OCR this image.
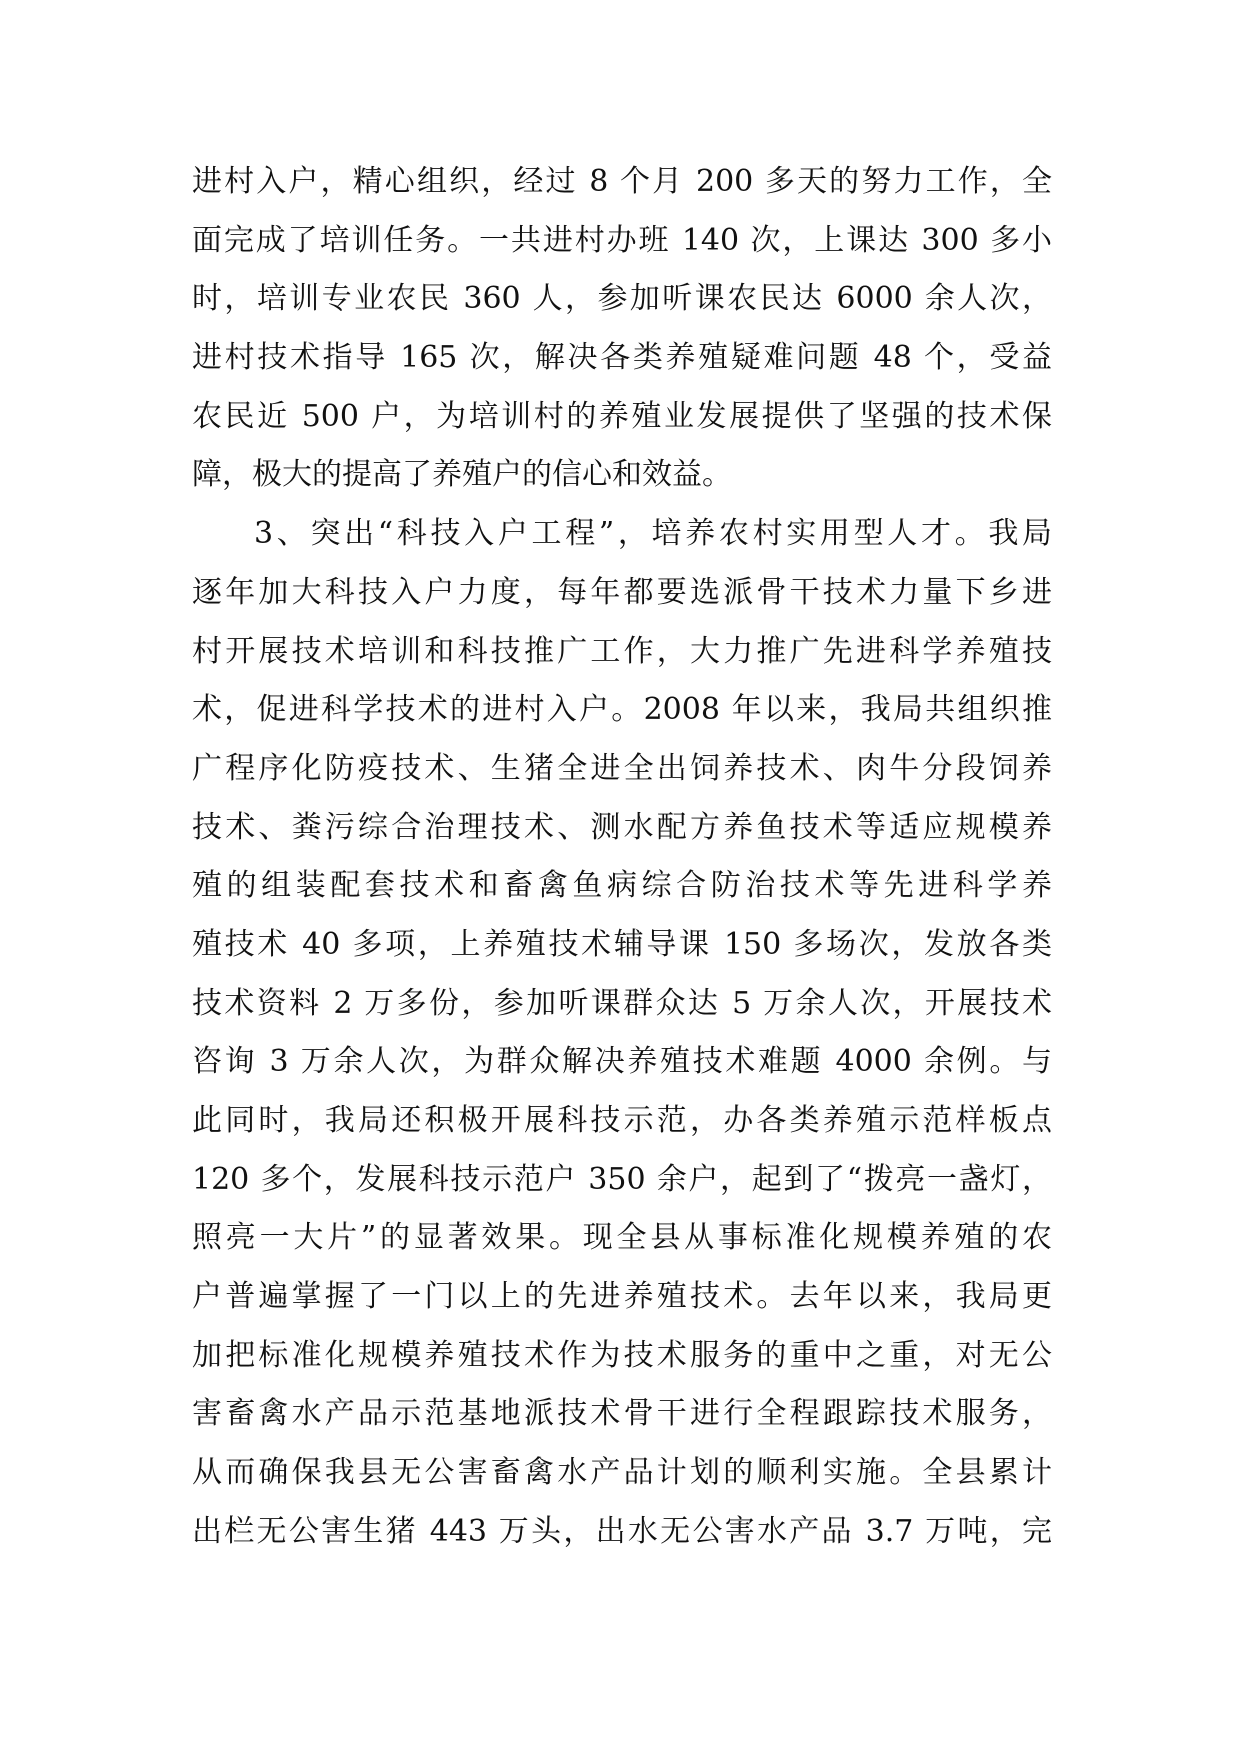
进村入户，精心组织，经过 8 个月 200 多天的努力工作，全
面完成了培训任务。一共进村办班 140 次，上课达 300 多小
时，培训专业农民 360 人，参加听课农民达 6000 余人次，
进村技术指导 165 次，解决各类养殖疑难问题 48 个，受益
农民近 500 户，为培训村的养殖业发展提供了坚强的技术保
障，极大的提高了养殖户的信心和效益。
3、突出“科技入户工程”，培养农村实用型人才。我局
逐年加大科技入户力度，每年都要选派骨干技术力量下乡进
村开展技术培训和科技推广工作，大力推广先进科学养殖技
术，促进科学技术的进村入户。2008 年以来，我局共组织推
广程序化防疫技术、生猪全进全出饲养技术、肉牛分段饲养
技术、粪污综合治理技术、测水配方养鱼技术等适应规模养
殖的组装配套技术和畜禽鱼病综合防治技术等先进科学养
殖技术 40 多项，上养殖技术辅导课 150 多场次，发放各类
技术资料 2 万多份，参加听课群众达 5 万余人次，开展技术
咨询 3 万余人次，为群众解决养殖技术难题 4000 余例。与
此同时，我局还积极开展科技示范，办各类养殖示范样板点
120 多个，发展科技示范户 350 余户，起到了“拨亮一盏灯，
照亮一大片”的显著效果。现全县从事标准化规模养殖的农
户普遍掌握了一门以上的先进养殖技术。去年以来，我局更
加把标准化规模养殖技术作为技术服务的重中之重，对无公
害畜禽水产品示范基地派技术骨干进行全程跟踪技术服务，
从而确保我县无公害畜禽水产品计划的顺利实施。全县累计
出栏无公害生猪 443 万头，出水无公害水产品 3.7 万吨，完
